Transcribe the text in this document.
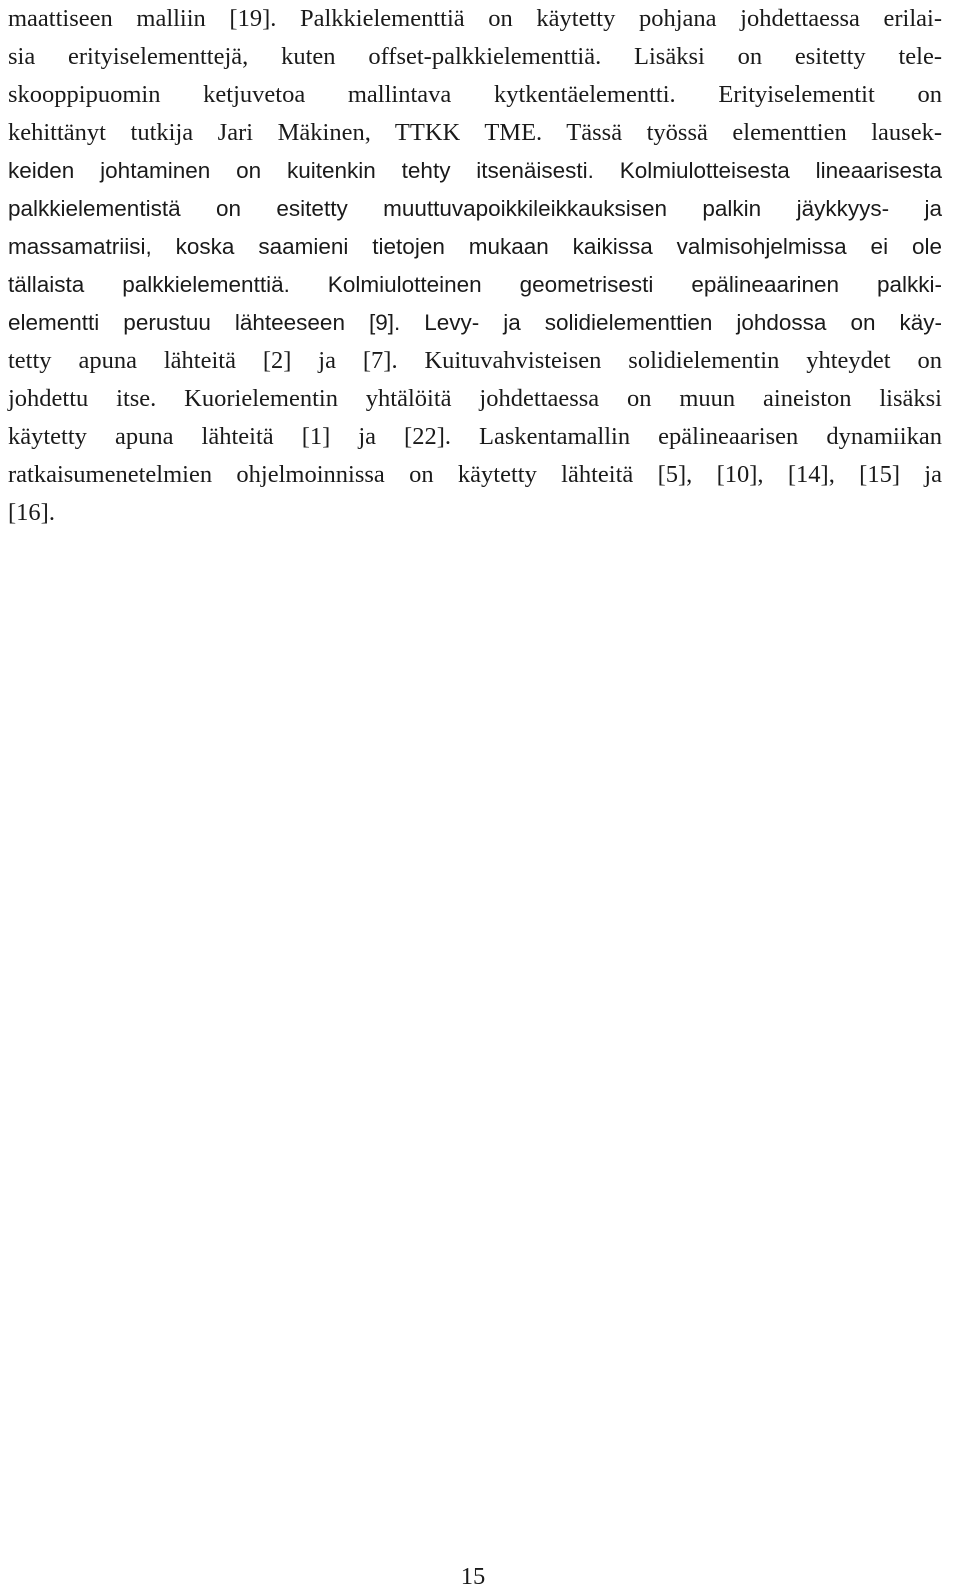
maattiseen malliin [19]. Palkkielementtiä on käytetty pohjana johdettaessa erilai-
sia erityiselementtejä, kuten offset-palkkielementtiä. Lisäksi on esitetty tele-
skooppipuomin ketjuvetoa mallintava kytkentäelementti. Erityiselementit on
kehittänyt tutkija Jari Mäkinen, TTKK TME. Tässä työssä elementtien lausek-
keiden johtaminen on kuitenkin tehty itsenäisesti. Kolmiulotteisesta lineaarisesta
palkkielementistä on esitetty muuttuvapoikkileikkauksisen palkin jäykkyys- ja
massamatriisi, koska saamieni tietojen mukaan kaikissa valmisohjelmissa ei ole
tällaista palkkielementtiä. Kolmiulotteinen geometrisesti epälineaarinen palkki-
elementti perustuu lähteeseen [9]. Levy- ja solidielementtien johdossa on käy-
tetty apuna lähteitä [2] ja [7]. Kuituvahvisteisen solidielementin yhteydet on
johdettu itse. Kuorielementin yhtälöitä johdettaessa on muun aineiston lisäksi
käytetty apuna lähteitä [1] ja [22]. Laskentamallin epälineaarisen dynamiikan
ratkaisumenetelmien ohjelmoinnissa on käytetty lähteitä [5], [10], [14], [15] ja
[16].
15
